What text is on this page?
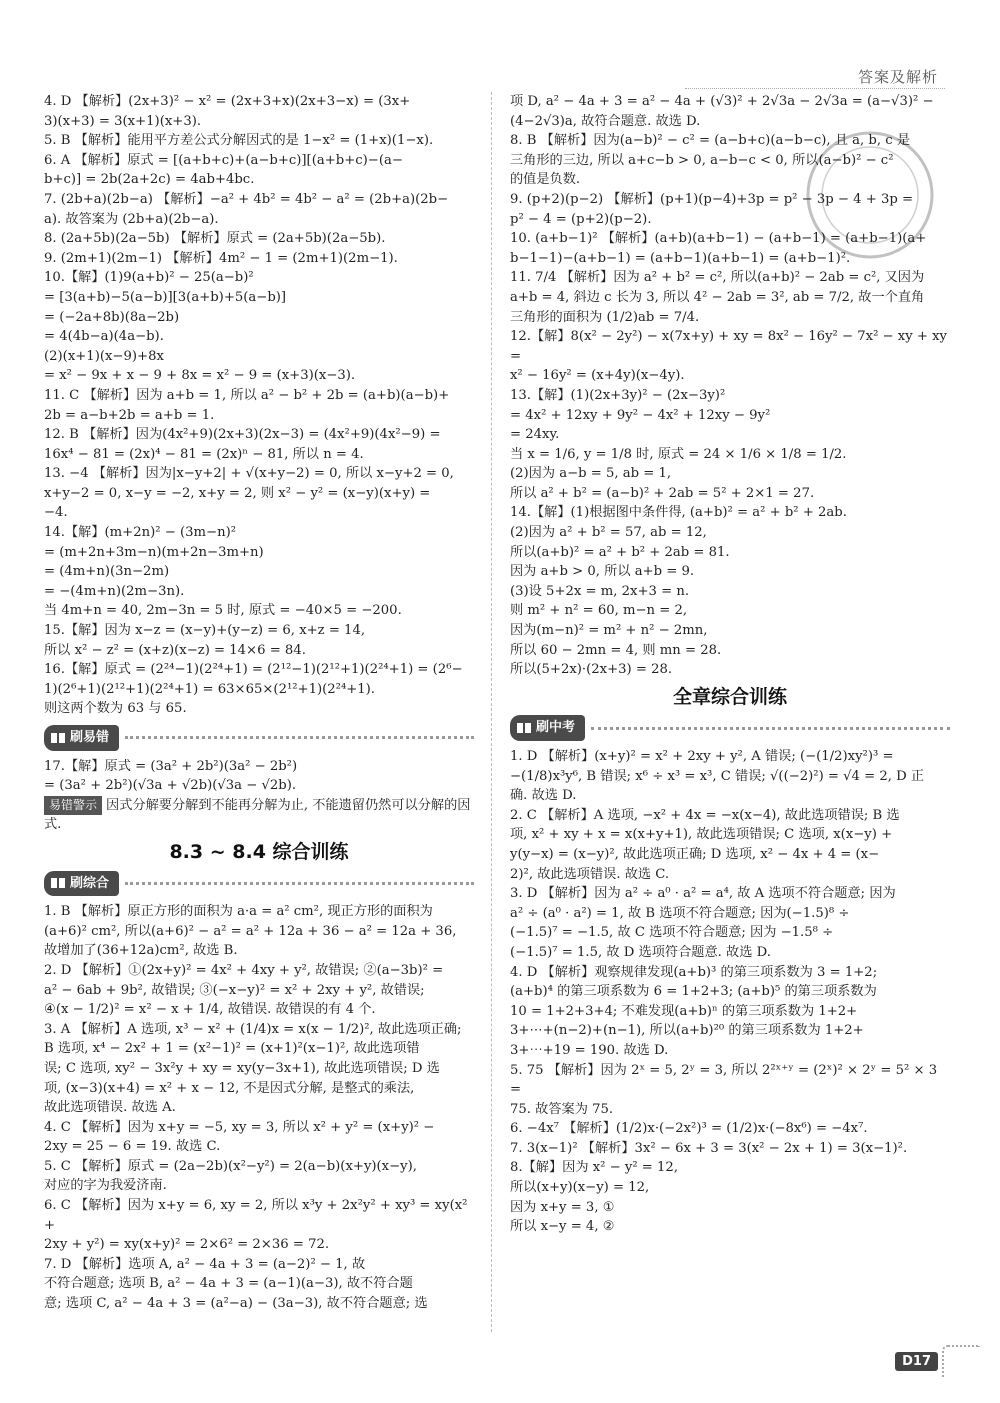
答案及解析

4. D 【解析】(2x+3)² − x² = (2x+3+x)(2x+3−x) = (3x+

3)(x+3) = 3(x+1)(x+3).

5. B 【解析】能用平方差公式分解因式的是 1−x² = (1+x)(1−x).

6. A 【解析】原式 = [(a+b+c)+(a−b+c)][(a+b+c)−(a−

b+c)] = 2b(2a+2c) = 4ab+4bc.

7. (2b+a)(2b−a) 【解析】−a² + 4b² = 4b² − a² = (2b+a)(2b−

a). 故答案为 (2b+a)(2b−a).

8. (2a+5b)(2a−5b) 【解析】原式 = (2a+5b)(2a−5b).

9. (2m+1)(2m−1) 【解析】4m² − 1 = (2m+1)(2m−1).

10.【解】(1)9(a+b)² − 25(a−b)²

= [3(a+b)−5(a−b)][3(a+b)+5(a−b)]

= (−2a+8b)(8a−2b)

= 4(4b−a)(4a−b).

(2)(x+1)(x−9)+8x

= x² − 9x + x − 9 + 8x = x² − 9 = (x+3)(x−3).

11. C 【解析】因为 a+b = 1, 所以 a² − b² + 2b = (a+b)(a−b)+

2b = a−b+2b = a+b = 1.

12. B 【解析】因为(4x²+9)(2x+3)(2x−3) = (4x²+9)(4x²−9) =

16x⁴ − 81 = (2x)⁴ − 81 = (2x)ⁿ − 81, 所以 n = 4.

13. −4 【解析】因为|x−y+2| + √(x+y−2) = 0, 所以 x−y+2 = 0,

x+y−2 = 0, x−y = −2, x+y = 2, 则 x² − y² = (x−y)(x+y) =

−4.

14.【解】(m+2n)² − (3m−n)²

= (m+2n+3m−n)(m+2n−3m+n)

= (4m+n)(3n−2m)

= −(4m+n)(2m−3n).

当 4m+n = 40, 2m−3n = 5 时, 原式 = −40×5 = −200.

15.【解】因为 x−z = (x−y)+(y−z) = 6, x+z = 14,

所以 x² − z² = (x+z)(x−z) = 14×6 = 84.

16.【解】原式 = (2²⁴−1)(2²⁴+1) = (2¹²−1)(2¹²+1)(2²⁴+1) = (2⁶−

1)(2⁶+1)(2¹²+1)(2²⁴+1) = 63×65×(2¹²+1)(2²⁴+1).

则这两个数为 63 与 65.

刷易错

17.【解】原式 = (3a² + 2b²)(3a² − 2b²)

= (3a² + 2b²)(√3a + √2b)(√3a − √2b).

易错警示 因式分解要分解到不能再分解为止, 不能遗留仍然可以分解的因式.

8.3 ~ 8.4 综合训练
刷综合

1. B 【解析】原正方形的面积为 a·a = a² cm², 现正方形的面积为

(a+6)² cm², 所以(a+6)² − a² = a² + 12a + 36 − a² = 12a + 36,

故增加了(36+12a)cm², 故选 B.

2. D 【解析】①(2x+y)² = 4x² + 4xy + y², 故错误; ②(a−3b)² =

a² − 6ab + 9b², 故错误; ③(−x−y)² = x² + 2xy + y², 故错误;

④(x − 1/2)² = x² − x + 1/4, 故错误. 故错误的有 4 个.

3. A 【解析】A 选项, x³ − x² + (1/4)x = x(x − 1/2)², 故此选项正确;

B 选项, x⁴ − 2x² + 1 = (x²−1)² = (x+1)²(x−1)², 故此选项错

误; C 选项, xy² − 3x²y + xy = xy(y−3x+1), 故此选项错误; D 选

项, (x−3)(x+4) = x² + x − 12, 不是因式分解, 是整式的乘法,

故此选项错误. 故选 A.

4. C 【解析】因为 x+y = −5, xy = 3, 所以 x² + y² = (x+y)² −

2xy = 25 − 6 = 19. 故选 C.

5. C 【解析】原式 = (2a−2b)(x²−y²) = 2(a−b)(x+y)(x−y),

对应的字为我爱济南.

6. C 【解析】因为 x+y = 6, xy = 2, 所以 x³y + 2x²y² + xy³ = xy(x² +

2xy + y²) = xy(x+y)² = 2×6² = 2×36 = 72.

7. D 【解析】选项 A, a² − 4a + 3 = (a−2)² − 1, 故

不符合题意; 选项 B, a² − 4a + 3 = (a−1)(a−3), 故不符合题

意; 选项 C, a² − 4a + 3 = (a²−a) − (3a−3), 故不符合题意; 选

项 D, a² − 4a + 3 = a² − 4a + (√3)² + 2√3a − 2√3a = (a−√3)² −

(4−2√3)a, 故符合题意. 故选 D.

8. B 【解析】因为(a−b)² − c² = (a−b+c)(a−b−c), 且 a, b, c 是

三角形的三边, 所以 a+c−b > 0, a−b−c < 0, 所以(a−b)² − c²

的值是负数.

9. (p+2)(p−2) 【解析】(p+1)(p−4)+3p = p² − 3p − 4 + 3p =

p² − 4 = (p+2)(p−2).

10. (a+b−1)² 【解析】(a+b)(a+b−1) − (a+b−1) = (a+b−1)(a+

b−1−1)−(a+b−1) = (a+b−1)(a+b−1) = (a+b−1)².

11. 7/4 【解析】因为 a² + b² = c², 所以(a+b)² − 2ab = c², 又因为

a+b = 4, 斜边 c 长为 3, 所以 4² − 2ab = 3², ab = 7/2, 故一个直角

三角形的面积为 (1/2)ab = 7/4.

12.【解】8(x² − 2y²) − x(7x+y) + xy = 8x² − 16y² − 7x² − xy + xy =

x² − 16y² = (x+4y)(x−4y).

13.【解】(1)(2x+3y)² − (2x−3y)²

= 4x² + 12xy + 9y² − 4x² + 12xy − 9y²

= 24xy.

当 x = 1/6, y = 1/8 时, 原式 = 24 × 1/6 × 1/8 = 1/2.

(2)因为 a−b = 5, ab = 1,

所以 a² + b² = (a−b)² + 2ab = 5² + 2×1 = 27.

14.【解】(1)根据图中条件得, (a+b)² = a² + b² + 2ab.

(2)因为 a² + b² = 57, ab = 12,

所以(a+b)² = a² + b² + 2ab = 81.

因为 a+b > 0, 所以 a+b = 9.

(3)设 5+2x = m, 2x+3 = n.

则 m² + n² = 60, m−n = 2,

因为(m−n)² = m² + n² − 2mn,

所以 60 − 2mn = 4, 则 mn = 28.

所以(5+2x)·(2x+3) = 28.

全章综合训练
刷中考

1. D 【解析】(x+y)² = x² + 2xy + y², A 错误; (−(1/2)xy²)³ =

−(1/8)x³y⁶, B 错误; x⁶ ÷ x³ = x³, C 错误; √((−2)²) = √4 = 2, D 正

确. 故选 D.

2. C 【解析】A 选项, −x² + 4x = −x(x−4), 故此选项错误; B 选

项, x² + xy + x = x(x+y+1), 故此选项错误; C 选项, x(x−y) +

y(y−x) = (x−y)², 故此选项正确; D 选项, x² − 4x + 4 = (x−

2)², 故此选项错误. 故选 C.

3. D 【解析】因为 a² ÷ a⁰ · a² = a⁴, 故 A 选项不符合题意; 因为

a² ÷ (a⁰ · a²) = 1, 故 B 选项不符合题意; 因为(−1.5)⁸ ÷

(−1.5)⁷ = −1.5, 故 C 选项不符合题意; 因为 −1.5⁸ ÷

(−1.5)⁷ = 1.5, 故 D 选项符合题意. 故选 D.

4. D 【解析】观察规律发现(a+b)³ 的第三项系数为 3 = 1+2;

(a+b)⁴ 的第三项系数为 6 = 1+2+3; (a+b)⁵ 的第三项系数为

10 = 1+2+3+4; 不难发现(a+b)ⁿ 的第三项系数为 1+2+

3+⋯+(n−2)+(n−1), 所以(a+b)²⁰ 的第三项系数为 1+2+

3+⋯+19 = 190. 故选 D.

5. 75 【解析】因为 2ˣ = 5, 2ʸ = 3, 所以 2²ˣ⁺ʸ = (2ˣ)² × 2ʸ = 5² × 3 =

75. 故答案为 75.

6. −4x⁷ 【解析】(1/2)x·(−2x²)³ = (1/2)x·(−8x⁶) = −4x⁷.

7. 3(x−1)² 【解析】3x² − 6x + 3 = 3(x² − 2x + 1) = 3(x−1)².

8.【解】因为 x² − y² = 12,

所以(x+y)(x−y) = 12,

因为 x+y = 3, ①

所以 x−y = 4, ②

D17
